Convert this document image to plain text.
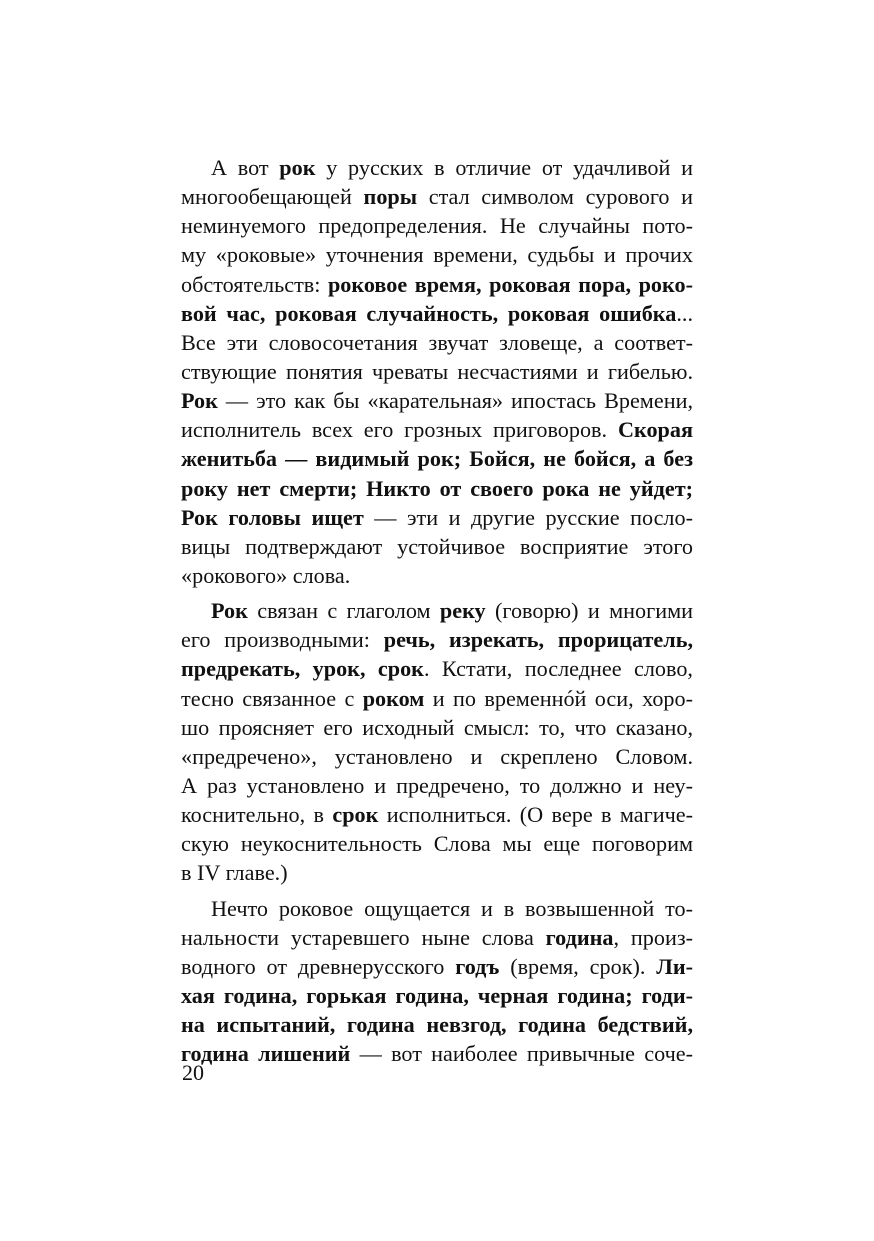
А вот рок у русских в отличие от удачливой и
многообещающей поры стал символом сурового и
неминуемого предопределения. Не случайны пото-
му «роковые» уточнения времени, судьбы и прочих
обстоятельств: роковое время, роковая пора, роко-
вой час, роковая случайность, роковая ошибка...
Все эти словосочетания звучат зловеще, а соответ-
ствующие понятия чреваты несчастиями и гибелью.
Рок — это как бы «карательная» ипостась Времени,
исполнитель всех его грозных приговоров. Скорая
женитьба — видимый рок; Бойся, не бойся, а без
року нет смерти; Никто от своего рока не уйдет;
Рок головы ищет — эти и другие русские посло-
вицы подтверждают устойчивое восприятие этого
«рокового» слова.
Рок связан с глаголом реку (говорю) и многими
его производными: речь, изрекать, прорицатель,
предрекать, урок, срок. Кстати, последнее слово,
тесно связанное с роком и по временнóй оси, хоро-
шо проясняет его исходный смысл: то, что сказано,
«предречено», установлено и скреплено Словом.
А раз установлено и предречено, то должно и неу-
коснительно, в срок исполниться. (О вере в магиче-
скую неукоснительность Слова мы еще поговорим
в IV главе.)
Нечто роковое ощущается и в возвышенной то-
нальности устаревшего ныне слова година, произ-
водного от древнерусского годъ (время, срок). Ли-
хая година, горькая година, черная година; годи-
на испытаний, година невзгод, година бедствий,
година лишений — вот наиболее привычные соче-
20
